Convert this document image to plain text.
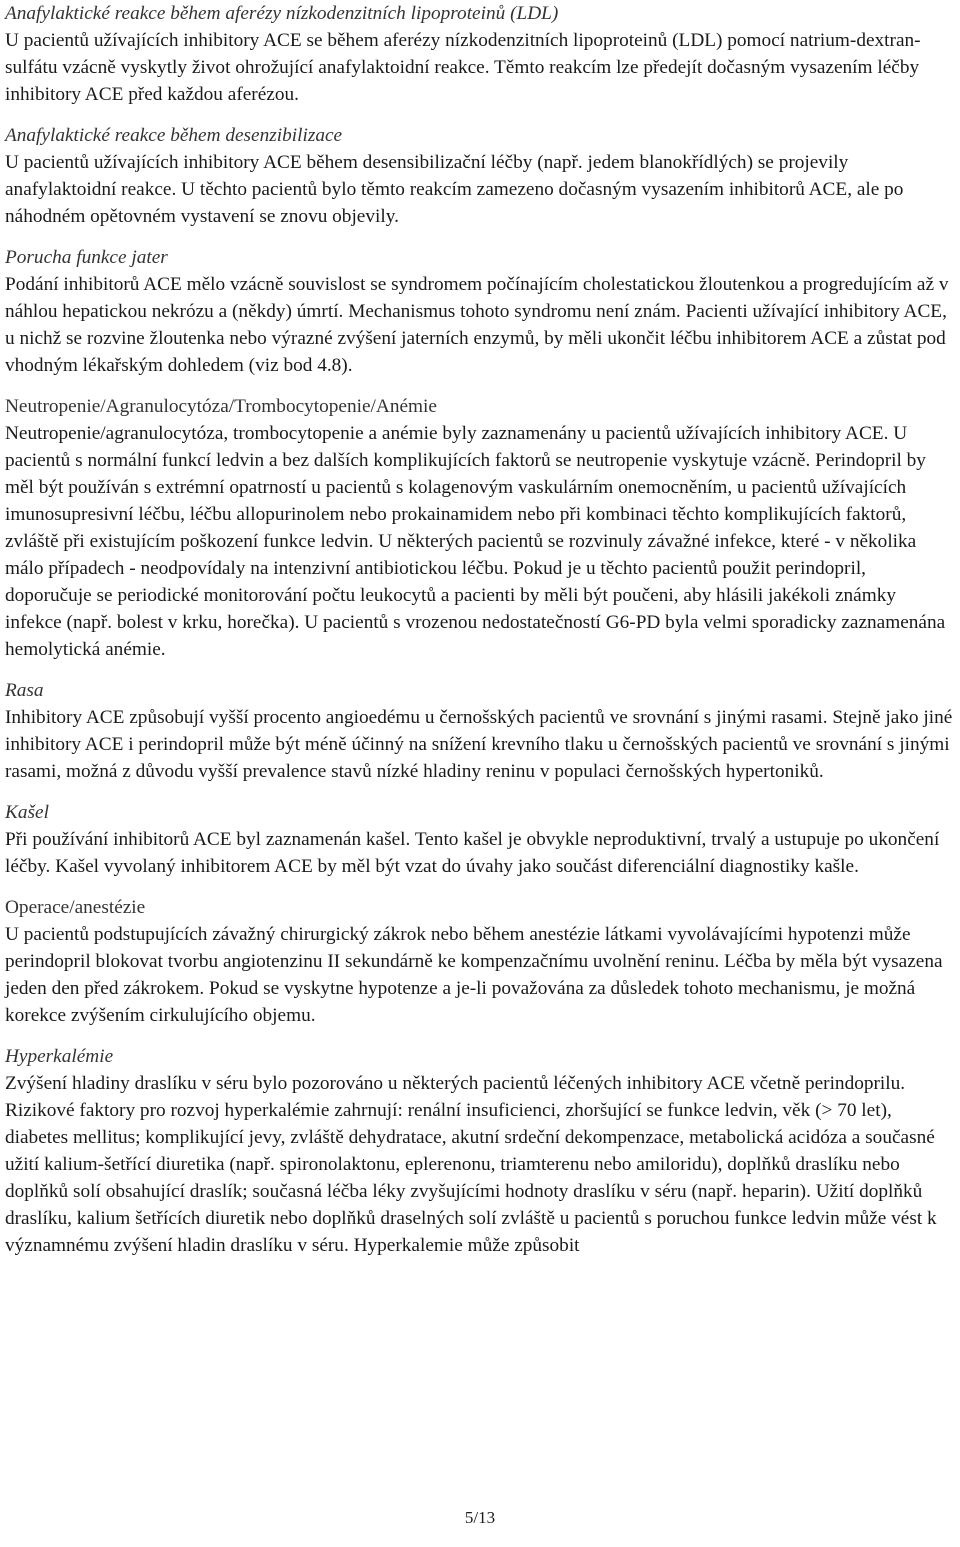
Anafylaktické reakce během aferézy nízkodenzitních lipoproteinů (LDL)
U pacientů užívajících inhibitory ACE se během aferézy nízkodenzitních lipoproteinů (LDL) pomocí natrium-dextran-sulfátu vzácně vyskytly život ohrožující anafylaktoidní reakce. Těmto reakcím lze předejít dočasným vysazením léčby inhibitory ACE před každou aferézou.
Anafylaktické reakce během desenzibilizace
U pacientů užívajících inhibitory ACE během desensibilizační léčby (např. jedem blanokřídlých) se projevily anafylaktoidní reakce. U těchto pacientů bylo těmto reakcím zamezeno dočasným vysazením inhibitorů ACE, ale po náhodném opětovném vystavení se znovu objevily.
Porucha funkce jater
Podání inhibitorů ACE mělo vzácně souvislost se syndromem počínajícím cholestatickou žloutenkou a progredujícím až v náhlou hepatickou nekrózu a (někdy) úmrtí. Mechanismus tohoto syndromu není znám. Pacienti užívající inhibitory ACE, u nichž se rozvine žloutenka nebo výrazné zvýšení jaterních enzymů, by měli ukončit léčbu inhibitorem ACE a zůstat pod vhodným lékařským dohledem (viz bod 4.8).
Neutropenie/Agranulocytóza/Trombocytopenie/Anémie
Neutropenie/agranulocytóza, trombocytopenie a anémie byly zaznamenány u pacientů užívajících inhibitory ACE. U pacientů s normální funkcí ledvin a bez dalších komplikujících faktorů se neutropenie vyskytuje vzácně. Perindopril by měl být používán s extrémní opatrností u pacientů s kolagenovým vaskulárním onemocněním, u pacientů užívajících imunosupresivní léčbu, léčbu allopurinolem nebo prokainamidem nebo při kombinaci těchto komplikujících faktorů, zvláště při existujícím poškození funkce ledvin. U některých pacientů se rozvinuly závažné infekce, které - v několika málo případech - neodpovídaly na intenzivní antibiotickou léčbu. Pokud je u těchto pacientů použit perindopril, doporučuje se periodické monitorování počtu leukocytů a pacienti by měli být poučeni, aby hlásili jakékoli známky infekce (např. bolest v krku, horečka). U pacientů s vrozenou nedostatečností G6-PD byla velmi sporadicky zaznamenána hemolytická anémie.
Rasa
Inhibitory ACE způsobují vyšší procento angioedému u černošských pacientů ve srovnání s jinými rasami. Stejně jako jiné inhibitory ACE i perindopril může být méně účinný na snížení krevního tlaku u černošských pacientů ve srovnání s jinými rasami, možná z důvodu vyšší prevalence stavů nízké hladiny reninu v populaci černošských hypertoniků.
Kašel
Při používání inhibitorů ACE byl zaznamenán kašel. Tento kašel je obvykle neproduktivní, trvalý a ustupuje po ukončení léčby. Kašel vyvolaný inhibitorem ACE by měl být vzat do úvahy jako součást diferenciální diagnostiky kašle.
Operace/anestézie
U pacientů podstupujících závažný chirurgický zákrok nebo během anestézie látkami vyvolávajícími hypotenzi může perindopril blokovat tvorbu angiotenzinu II sekundárně ke kompenzačnímu uvolnění reninu. Léčba by měla být vysazena jeden den před zákrokem. Pokud se vyskytne hypotenze a je-li považována za důsledek tohoto mechanismu, je možná korekce zvýšením cirkulujícího objemu.
Hyperkalémie
Zvýšení hladiny draslíku v séru bylo pozorováno u některých pacientů léčených inhibitory ACE včetně perindoprilu. Rizikové faktory pro rozvoj hyperkalémie zahrnují: renální insuficienci, zhoršující se funkce ledvin, věk (> 70 let), diabetes mellitus; komplikující jevy, zvláště dehydratace, akutní srdeční dekompenzace, metabolická acidóza a současné užití kalium-šetřící diuretika (např. spironolaktonu, eplerenonu, triamterenu nebo amiloridu), doplňků draslíku nebo doplňků solí obsahující draslík; současná léčba léky zvyšujícími hodnoty draslíku v séru (např. heparin). Užití doplňků draslíku, kalium šetřících diuretik nebo doplňků draselných solí zvláště u pacientů s poruchou funkce ledvin může vést k významnému zvýšení hladin draslíku v séru. Hyperkalemie může způsobit
5/13
